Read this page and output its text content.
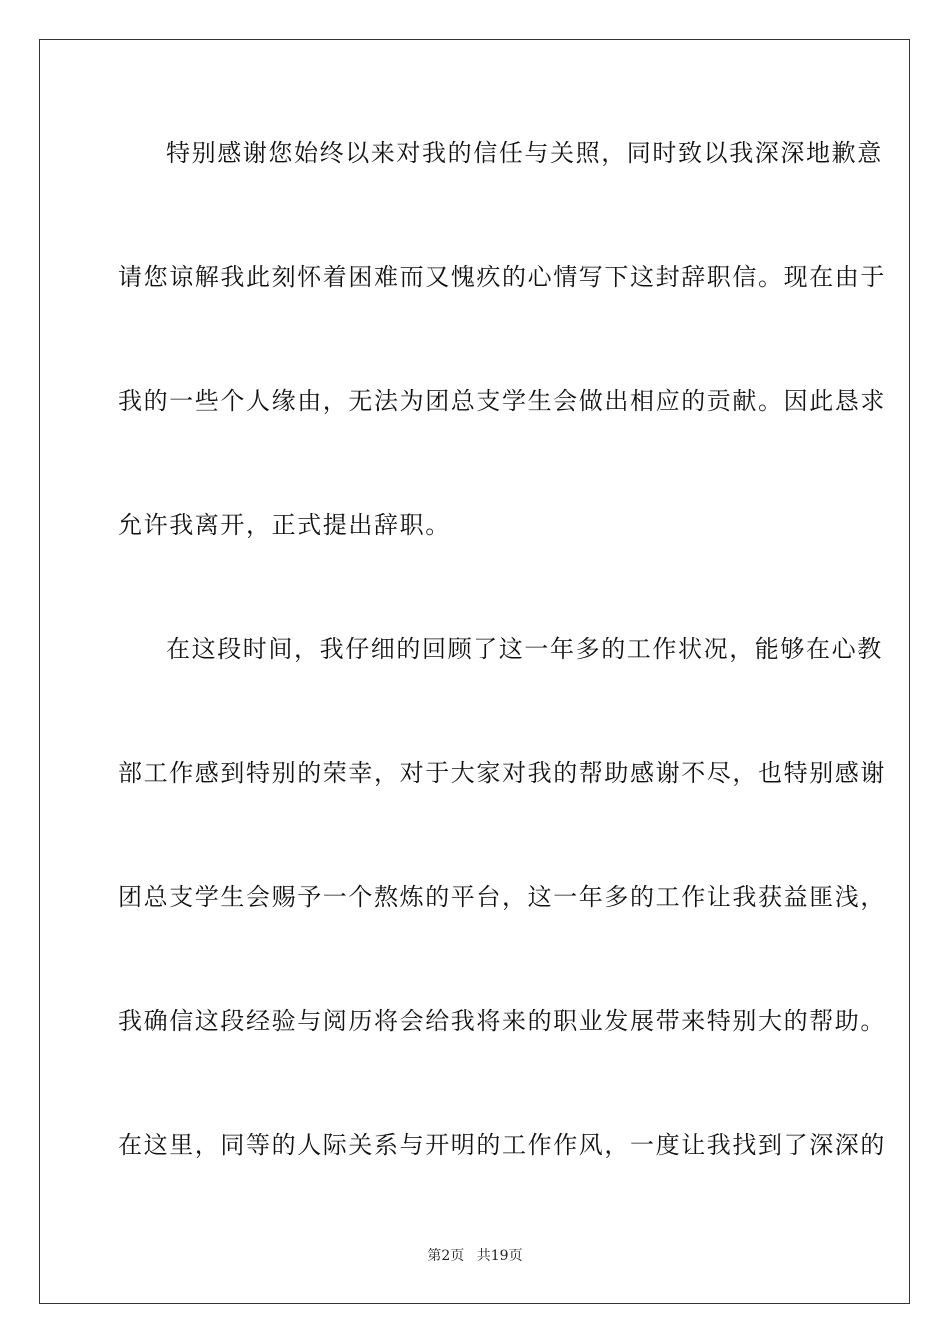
特别感谢您始终以来对我的信任与关照，同时致以我深深地歉意
请您谅解我此刻怀着困难而又愧疚的心情写下这封辞职信。现在由于
我的一些个人缘由，无法为团总支学生会做出相应的贡献。因此恳求
允许我离开，正式提出辞职。
在这段时间，我仔细的回顾了这一年多的工作状况，能够在心教
部工作感到特别的荣幸，对于大家对我的帮助感谢不尽，也特别感谢
团总支学生会赐予一个熬炼的平台，这一年多的工作让我获益匪浅，
我确信这段经验与阅历将会给我将来的职业发展带来特别大的帮助。
在这里，同等的人际关系与开明的工作作风，一度让我找到了深深的
第2页 共19页
